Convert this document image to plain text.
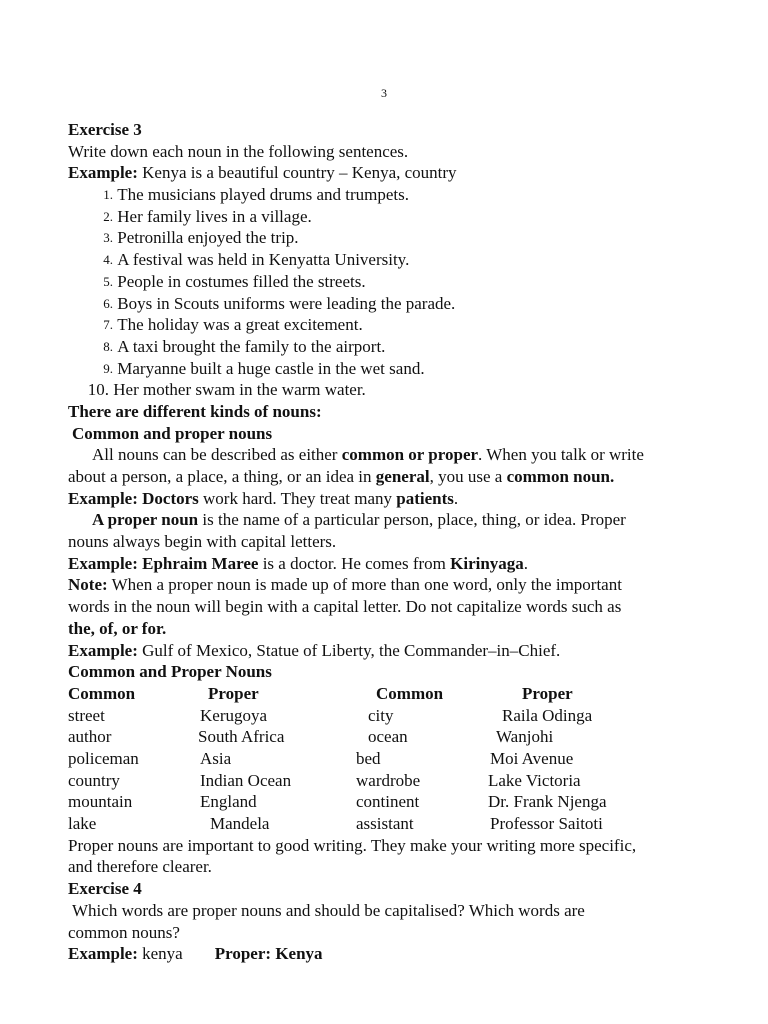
3
Exercise 3
Write down each noun in the following sentences.
Example: Kenya is a beautiful country – Kenya, country
1. The musicians played drums and trumpets.
2. Her family lives in a village.
3. Petronilla enjoyed the trip.
4. A festival was held in Kenyatta University.
5. People in costumes filled the streets.
6. Boys in Scouts uniforms were leading the parade.
7. The holiday was a great excitement.
8. A taxi brought the family to the airport.
9. Maryanne built a huge castle in the wet sand.
10. Her mother swam in the warm water.
There are different kinds of nouns:
Common and proper nouns
All nouns can be described as either common or proper. When you talk or write
about a person, a place, a thing, or an idea in general, you use a common noun.
Example: Doctors work hard. They treat many patients.
A proper noun is the name of a particular person, place, thing, or idea. Proper
nouns always begin with capital letters.
Example: Ephraim Maree is a doctor. He comes from Kirinyaga.
Note: When a proper noun is made up of more than one word, only the important
words in the noun will begin with a capital letter. Do not capitalize words such as
the, of, or for.
Example: Gulf of Mexico, Statue of Liberty, the Commander–in–Chief.
Common and Proper Nouns
Common	Proper	Common	Proper
street	Kerugoya	city	Raila Odinga
author	South Africa	ocean	Wanjohi
policeman	Asia	bed	Moi Avenue
country	Indian Ocean	wardrobe	Lake Victoria
mountain	England	continent	Dr. Frank Njenga
lake	Mandela	assistant	Professor Saitoti
Proper nouns are important to good writing. They make your writing more specific,
and therefore clearer.
Exercise 4
Which words are proper nouns and should be capitalised? Which words are
common nouns?
Example: kenya Proper: Kenya
